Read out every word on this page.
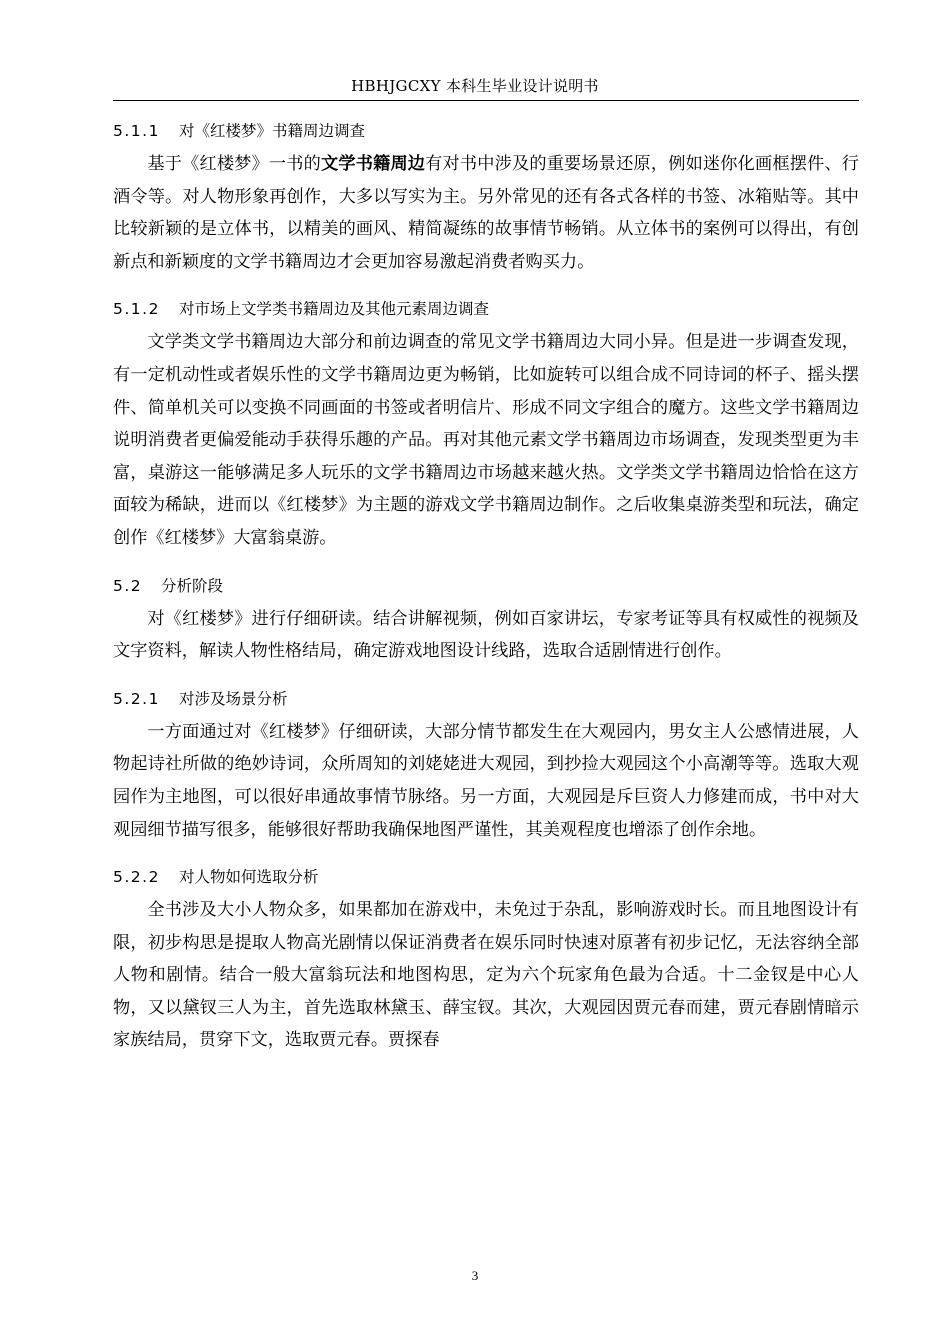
HBHJGCXY 本科生毕业设计说明书
5.1.1 对《红楼梦》书籍周边调查

基于《红楼梦》一书的文学书籍周边有对书中涉及的重要场景还原，例如迷你化画框摆件、行酒令等。对人物形象再创作，大多以写实为主。另外常见的还有各式各样的书签、冰箱贴等。其中比较新颖的是立体书，以精美的画风、精简凝练的故事情节畅销。从立体书的案例可以得出，有创新点和新颖度的文学书籍周边才会更加容易激起消费者购买力。

5.1.2 对市场上文学类书籍周边及其他元素周边调查

文学类文学书籍周边大部分和前边调查的常见文学书籍周边大同小异。但是进一步调查发现，有一定机动性或者娱乐性的文学书籍周边更为畅销，比如旋转可以组合成不同诗词的杯子、摇头摆件、简单机关可以变换不同画面的书签或者明信片、形成不同文字组合的魔方。这些文学书籍周边说明消费者更偏爱能动手获得乐趣的产品。再对其他元素文学书籍周边市场调查，发现类型更为丰富，桌游这一能够满足多人玩乐的文学书籍周边市场越来越火热。文学类文学书籍周边恰恰在这方面较为稀缺，进而以《红楼梦》为主题的游戏文学书籍周边制作。之后收集桌游类型和玩法，确定创作《红楼梦》大富翁桌游。

5.2 分析阶段

对《红楼梦》进行仔细研读。结合讲解视频，例如百家讲坛，专家考证等具有权威性的视频及文字资料，解读人物性格结局，确定游戏地图设计线路，选取合适剧情进行创作。

5.2.1 对涉及场景分析

一方面通过对《红楼梦》仔细研读，大部分情节都发生在大观园内，男女主人公感情进展，人物起诗社所做的绝妙诗词，众所周知的刘姥姥进大观园，到抄捡大观园这个小高潮等等。选取大观园作为主地图，可以很好串通故事情节脉络。另一方面，大观园是斥巨资人力修建而成，书中对大观园细节描写很多，能够很好帮助我确保地图严谨性，其美观程度也增添了创作余地。

5.2.2 对人物如何选取分析

全书涉及大小人物众多，如果都加在游戏中，未免过于杂乱，影响游戏时长。而且地图设计有限，初步构思是提取人物高光剧情以保证消费者在娱乐同时快速对原著有初步记忆，无法容纳全部人物和剧情。结合一般大富翁玩法和地图构思，定为六个玩家角色最为合适。十二金钗是中心人物，又以黛钗三人为主，首先选取林黛玉、薛宝钗。其次，大观园因贾元春而建，贾元春剧情暗示家族结局，贯穿下文，选取贾元春。贾探春

3
